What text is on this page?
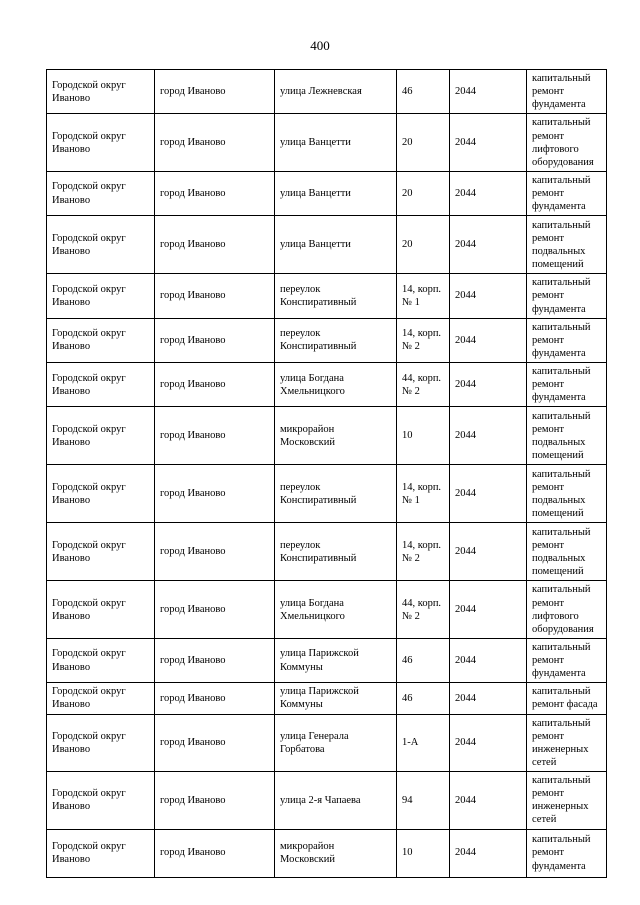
400
Городской округ Иваново	город Иваново	улица Лежневская	46	2044	капитальный ремонт фундамента
Городской округ Иваново	город Иваново	улица Ванцетти	20	2044	капитальный ремонт лифтового оборудования
Городской округ Иваново	город Иваново	улица Ванцетти	20	2044	капитальный ремонт фундамента
Городской округ Иваново	город Иваново	улица Ванцетти	20	2044	капитальный ремонт подвальных помещений
Городской округ Иваново	город Иваново	переулок Конспиративный	14, корп. № 1	2044	капитальный ремонт фундамента
Городской округ Иваново	город Иваново	переулок Конспиративный	14, корп. № 2	2044	капитальный ремонт фундамента
Городской округ Иваново	город Иваново	улица Богдана Хмельницкого	44, корп. № 2	2044	капитальный ремонт фундамента
Городской округ Иваново	город Иваново	микрорайон Московский	10	2044	капитальный ремонт подвальных помещений
Городской округ Иваново	город Иваново	переулок Конспиративный	14, корп. № 1	2044	капитальный ремонт подвальных помещений
Городской округ Иваново	город Иваново	переулок Конспиративный	14, корп. № 2	2044	капитальный ремонт подвальных помещений
Городской округ Иваново	город Иваново	улица Богдана Хмельницкого	44, корп. № 2	2044	капитальный ремонт лифтового оборудования
Городской округ Иваново	город Иваново	улица Парижской Коммуны	46	2044	капитальный ремонт фундамента
Городской округ Иваново	город Иваново	улица Парижской Коммуны	46	2044	капитальный ремонт фасада
Городской округ Иваново	город Иваново	улица Генерала Горбатова	1-А	2044	капитальный ремонт инженерных сетей
Городской округ Иваново	город Иваново	улица 2-я Чапаева	94	2044	капитальный ремонт инженерных сетей
Городской округ Иваново	город Иваново	микрорайон Московский	10	2044	капитальный ремонт фундамента
